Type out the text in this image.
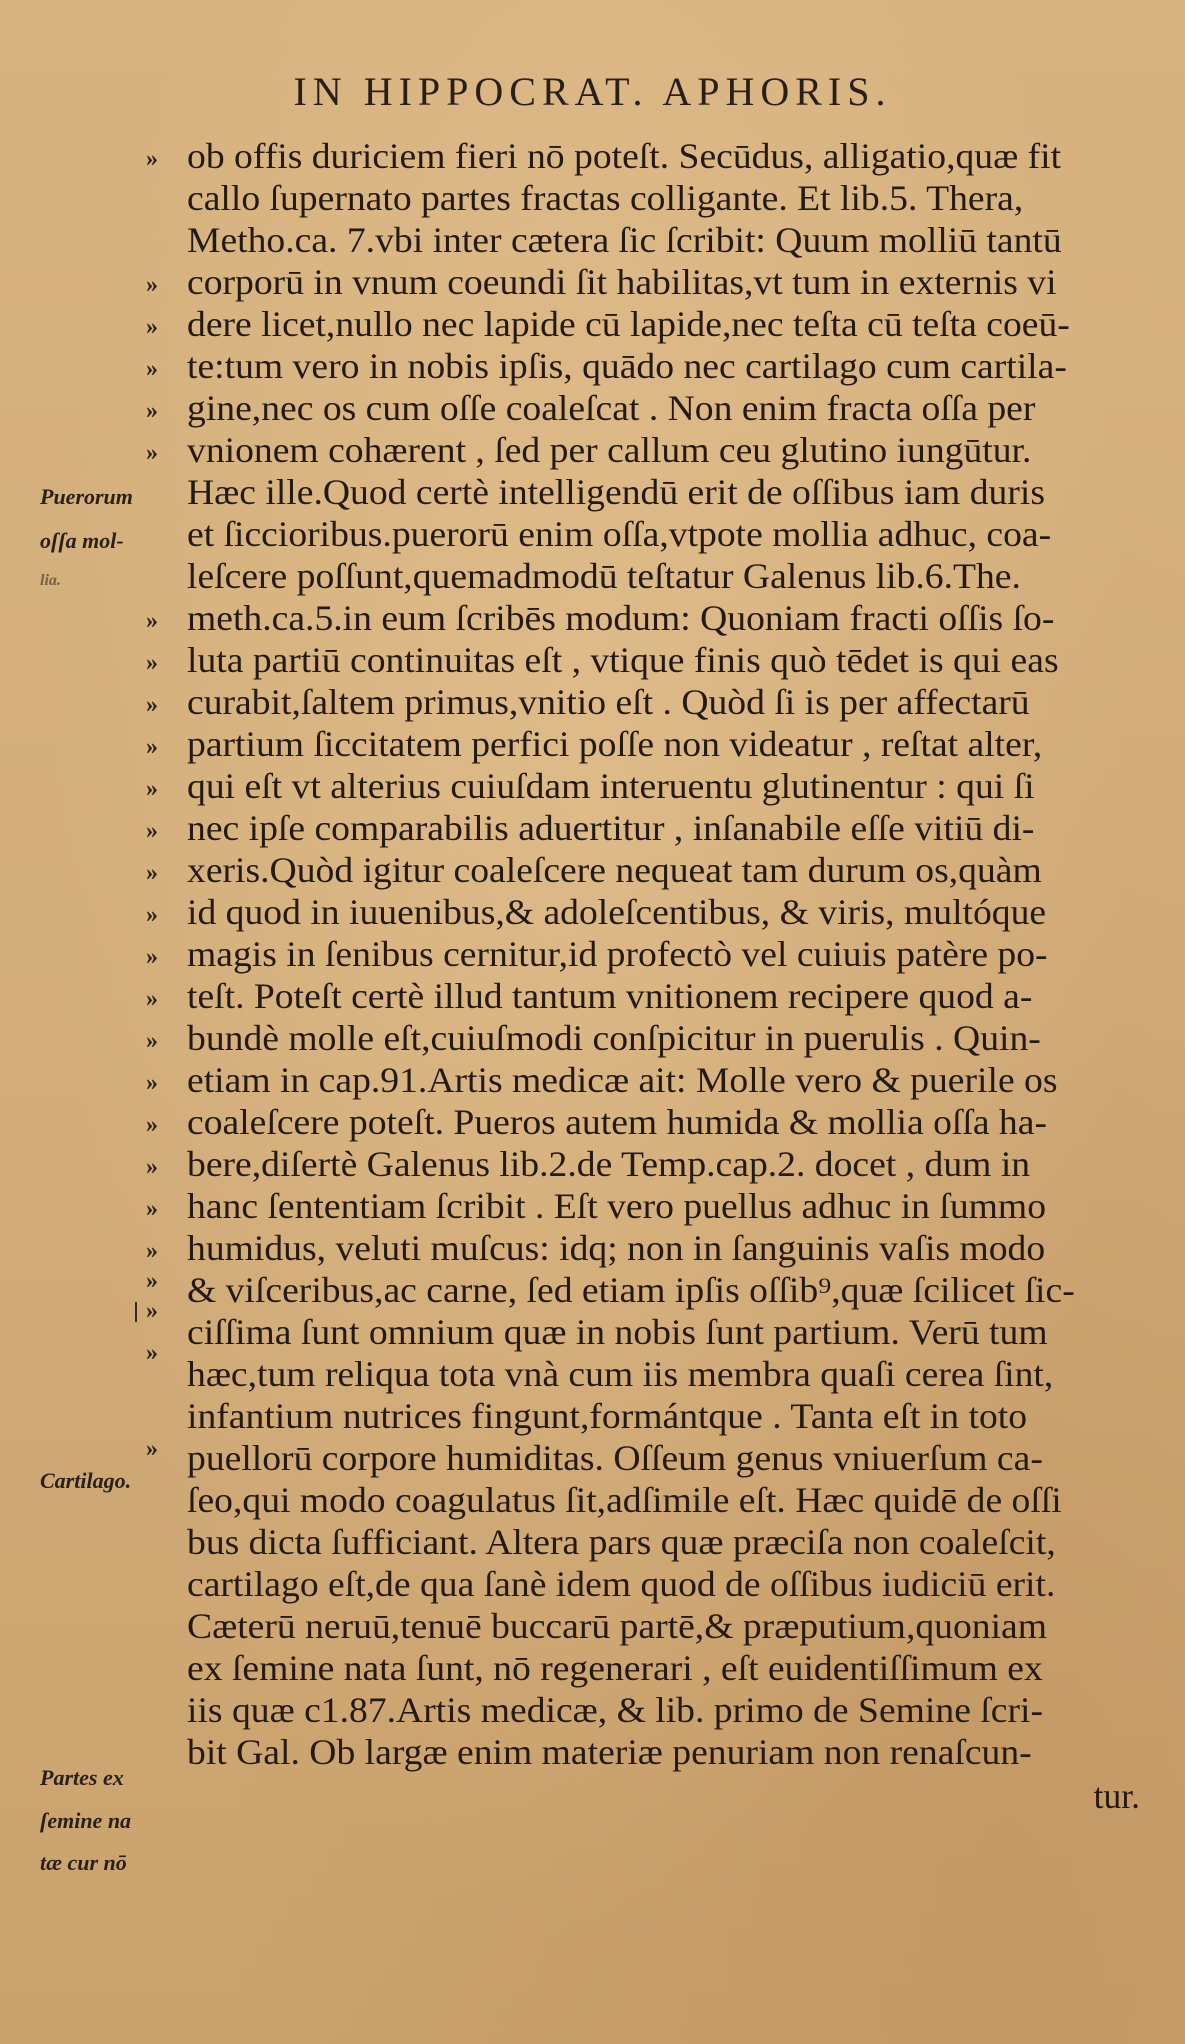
IN HIPPOCRAT. APHORIS.
»
»
»
»
»
»
»
»
»
»
»
»
»
»
»
»
»
»
»
»
»
»
»
»
»
»
Puerorum
oſſa mol-
lia.
Cartilago.
Partes ex
ſemine na
tæ cur nō
ob offis duriciem fieri nō poteſt. Secūdus, alligatio,quæ fit
callo ſupernato partes fractas colligante. Et lib.5. Thera,
Metho.ca. 7.vbi inter cætera ſic ſcribit: Quum molliū tantū
corporū in vnum coeundi ſit habilitas,vt tum in externis vi
dere licet,nullo nec lapide cū lapide,nec teſta cū teſta coeū-
te:tum vero in nobis ipſis, quādo nec cartilago cum cartila-
gine,nec os cum oſſe coaleſcat . Non enim fracta oſſa per
vnionem cohærent , ſed per callum ceu glutino iungūtur.
Hæc ille.Quod certè intelligendū erit de oſſibus iam duris
et ſiccioribus.puerorū enim oſſa,vtpote mollia adhuc, coa-
leſcere poſſunt,quemadmodū teſtatur Galenus lib.6.The.
meth.ca.5.in eum ſcribēs modum: Quoniam fracti oſſis ſo-
luta partiū continuitas eſt , vtique finis quò tēdet is qui eas
curabit,ſaltem primus,vnitio eſt . Quòd ſi is per affectarū
partium ſiccitatem perfici poſſe non videatur , reſtat alter,
qui eſt vt alterius cuiuſdam interuentu glutinentur : qui ſi
nec ipſe comparabilis aduertitur , inſanabile eſſe vitiū di-
xeris.Quòd igitur coaleſcere nequeat tam durum os,quàm
id quod in iuuenibus,& adoleſcentibus, & viris, multóque
magis in ſenibus cernitur,id profectò vel cuiuis patère po-
teſt. Poteſt certè illud tantum vnitionem recipere quod a-
bundè molle eſt,cuiuſmodi conſpicitur in puerulis . Quin-
etiam in cap.91.Artis medicæ ait: Molle vero & puerile os
coaleſcere poteſt. Pueros autem humida & mollia oſſa ha-
bere,diſertè Galenus lib.2.de Temp.cap.2. docet , dum in
hanc ſententiam ſcribit . Eſt vero puellus adhuc in ſummo
humidus, veluti muſcus: idq; non in ſanguinis vaſis modo
& viſceribus,ac carne, ſed etiam ipſis oſſib⁹,quæ ſcilicet ſic-
ciſſima ſunt omnium quæ in nobis ſunt partium. Verū tum
hæc,tum reliqua tota vnà cum iis membra quaſi cerea ſint,
infantium nutrices fingunt,formántque . Tanta eſt in toto
puellorū corpore humiditas. Oſſeum genus vniuerſum ca-
ſeo,qui modo coagulatus ſit,adſimile eſt. Hæc quidē de oſſi
bus dicta ſufficiant. Altera pars quæ præciſa non coaleſcit,
cartilago eſt,de qua ſanè idem quod de oſſibus iudiciū erit.
Cæterū neruū,tenuē buccarū partē,& præputium,quoniam
ex ſemine nata ſunt, nō regenerari , eſt euidentiſſimum ex
iis quæ c1.87.Artis medicæ, & lib. primo de Semine ſcri-
bit Gal. Ob largæ enim materiæ penuriam non renaſcun-
tur.
